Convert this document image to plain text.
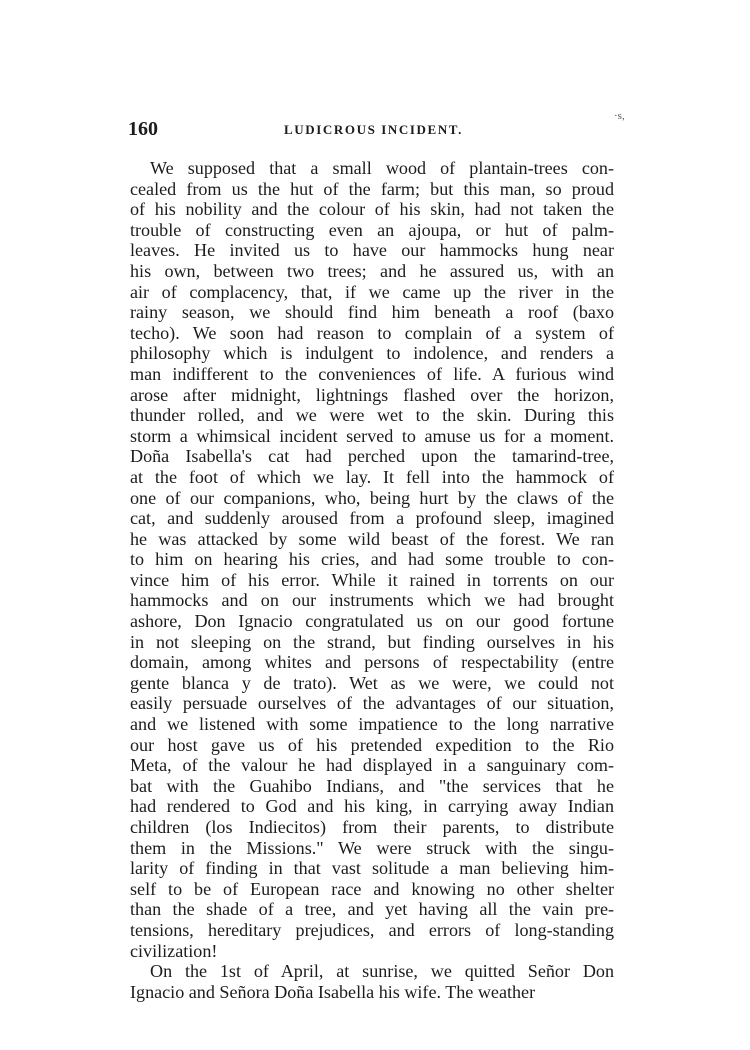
160	LUDICROUS INCIDENT.
·s,
We supposed that a small wood of plantain-trees con-
cealed from us the hut of the farm; but this man, so proud
of his nobility and the colour of his skin, had not taken the
trouble of constructing even an ajoupa, or hut of palm-
leaves. He invited us to have our hammocks hung near
his own, between two trees; and he assured us, with an
air of complacency, that, if we came up the river in the
rainy season, we should find him beneath a roof (baxo
techo). We soon had reason to complain of a system of
philosophy which is indulgent to indolence, and renders a
man indifferent to the conveniences of life. A furious wind
arose after midnight, lightnings flashed over the horizon,
thunder rolled, and we were wet to the skin. During this
storm a whimsical incident served to amuse us for a moment.
Doña Isabella's cat had perched upon the tamarind-tree,
at the foot of which we lay. It fell into the hammock of
one of our companions, who, being hurt by the claws of the
cat, and suddenly aroused from a profound sleep, imagined
he was attacked by some wild beast of the forest. We ran
to him on hearing his cries, and had some trouble to con-
vince him of his error. While it rained in torrents on our
hammocks and on our instruments which we had brought
ashore, Don Ignacio congratulated us on our good fortune
in not sleeping on the strand, but finding ourselves in his
domain, among whites and persons of respectability (entre
gente blanca y de trato). Wet as we were, we could not
easily persuade ourselves of the advantages of our situation,
and we listened with some impatience to the long narrative
our host gave us of his pretended expedition to the Rio
Meta, of the valour he had displayed in a sanguinary com-
bat with the Guahibo Indians, and "the services that he
had rendered to God and his king, in carrying away Indian
children (los Indiecitos) from their parents, to distribute
them in the Missions." We were struck with the singu-
larity of finding in that vast solitude a man believing him-
self to be of European race and knowing no other shelter
than the shade of a tree, and yet having all the vain pre-
tensions, hereditary prejudices, and errors of long-standing
civilization!
On the 1st of April, at sunrise, we quitted Señor Don
Ignacio and Señora Doña Isabella his wife. The weather
